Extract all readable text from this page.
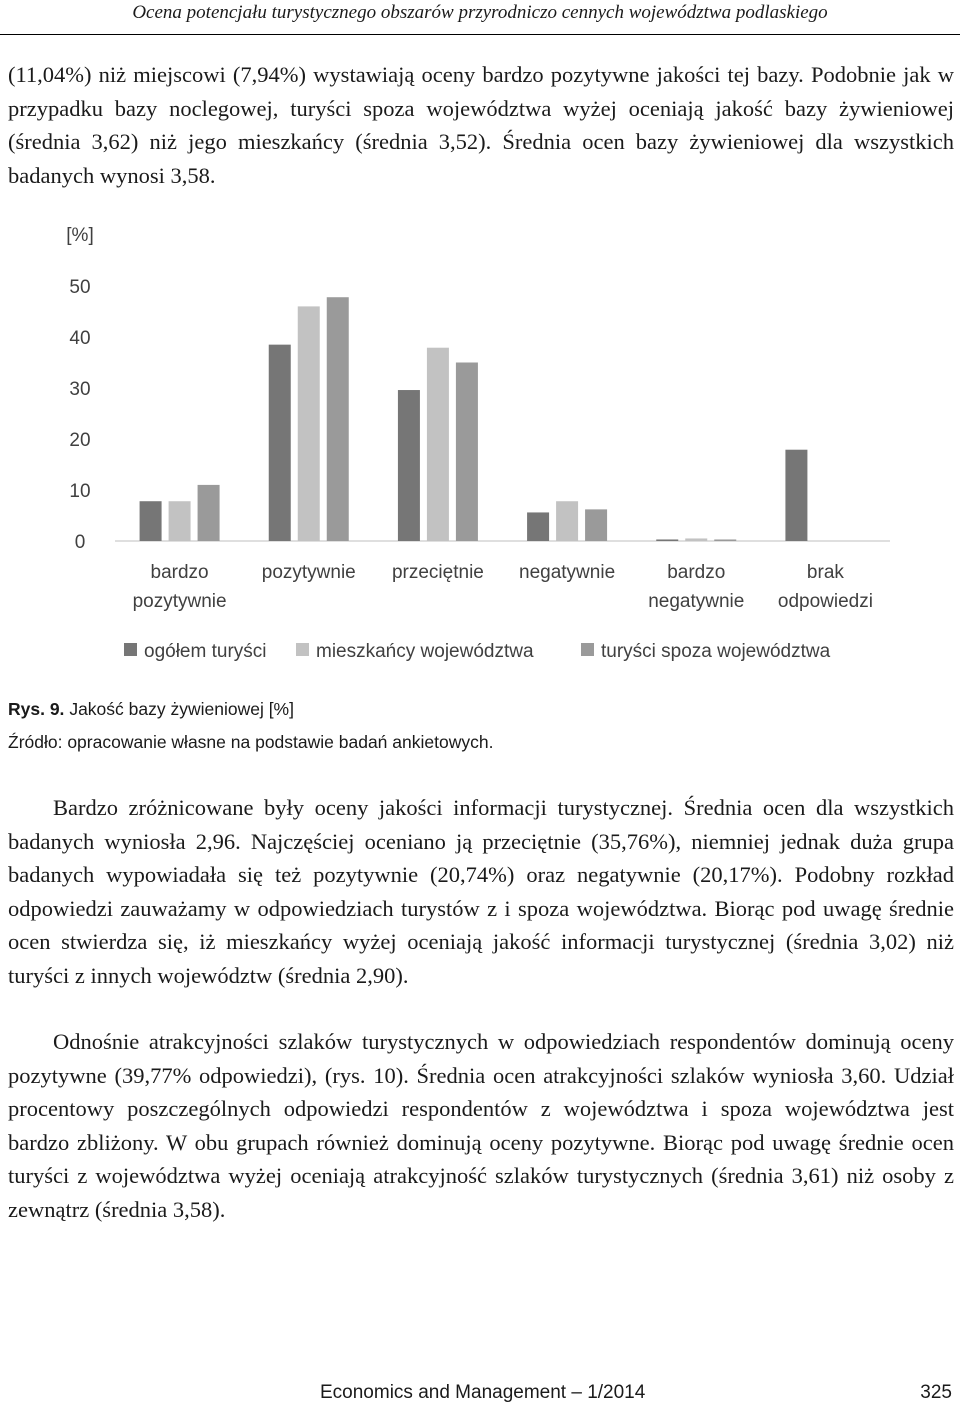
Ocena potencjału turystycznego obszarów przyrodniczo cennych województwa podlaskiego

(11,04%) niż miejscowi (7,94%) wystawiają oceny bardzo pozytywne jakości tej bazy. Podobnie jak w przypadku bazy noclegowej, turyści spoza województwa wyżej oceniają jakość bazy żywieniowej (średnia 3,62) niż jego mieszkańcy (średnia 3,52). Średnia ocen bazy żywieniowej dla wszystkich badanych wynosi 3,58.

[%]
0
10
20
30
40
50
bardzo
pozytywnie
pozytywnie przeciętnie negatywnie	bardzo
negatywnie
brak
odpowiedzi
ogółem turyści	mieszkańcy województwa	turyści spoza województwa
Rys. 9. Jakość bazy żywieniowej [%]
Źródło: opracowanie własne na podstawie badań ankietowych.

Bardzo zróżnicowane były oceny jakości informacji turystycznej. Średnia ocen dla wszystkich badanych wyniosła 2,96. Najczęściej oceniano ją przeciętnie (35,76%), niemniej jednak duża grupa badanych wypowiadała się też pozytywnie (20,74%) oraz negatywnie (20,17%). Podobny rozkład odpowiedzi zauważamy w odpowiedziach turystów z i spoza województwa. Biorąc pod uwagę średnie ocen stwierdza się, iż mieszkańcy wyżej oceniają jakość informacji turystycznej (średnia 3,02) niż turyści z innych województw (średnia 2,90).

Odnośnie atrakcyjności szlaków turystycznych w odpowiedziach respondentów dominują oceny pozytywne (39,77% odpowiedzi), (rys. 10). Średnia ocen atrakcyjności szlaków wyniosła 3,60. Udział procentowy poszczególnych odpowiedzi respondentów z województwa i spoza województwa jest bardzo zbliżony. W obu grupach również dominują oceny pozytywne. Biorąc pod uwagę średnie ocen turyści z województwa wyżej oceniają atrakcyjność szlaków turystycznych (średnia 3,61) niż osoby z zewnątrz (średnia 3,58).

Economics and Management – 1/2014	325
